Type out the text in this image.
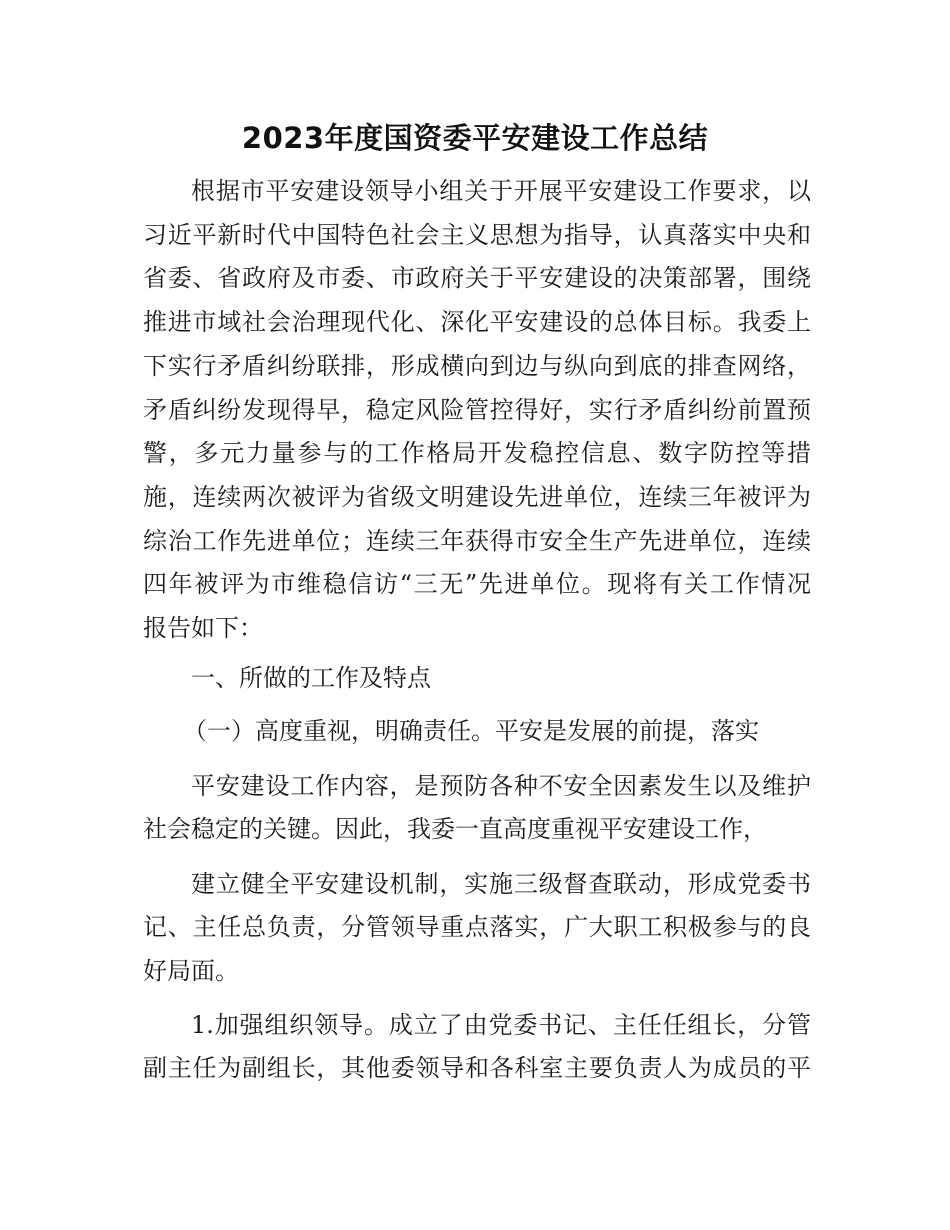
2023年度国资委平安建设工作总结
根据市平安建设领导小组关于开展平安建设工作要求，以
习近平新时代中国特色社会主义思想为指导，认真落实中央和
省委、省政府及市委、市政府关于平安建设的决策部署，围绕
推进市域社会治理现代化、深化平安建设的总体目标。我委上
下实行矛盾纠纷联排，形成横向到边与纵向到底的排查网络，
矛盾纠纷发现得早，稳定风险管控得好，实行矛盾纠纷前置预
警，多元力量参与的工作格局开发稳控信息、数字防控等措
施，连续两次被评为省级文明建设先进单位，连续三年被评为
综治工作先进单位；连续三年获得市安全生产先进单位，连续
四年被评为市维稳信访“三无”先进单位。现将有关工作情况
报告如下：
一、所做的工作及特点
（一）高度重视，明确责任。平安是发展的前提，落实
平安建设工作内容，是预防各种不安全因素发生以及维护
社会稳定的关键。因此，我委一直高度重视平安建设工作，
建立健全平安建设机制，实施三级督查联动，形成党委书
记、主任总负责，分管领导重点落实，广大职工积极参与的良
好局面。
1.加强组织领导。成立了由党委书记、主任任组长，分管
副主任为副组长，其他委领导和各科室主要负责人为成员的平
